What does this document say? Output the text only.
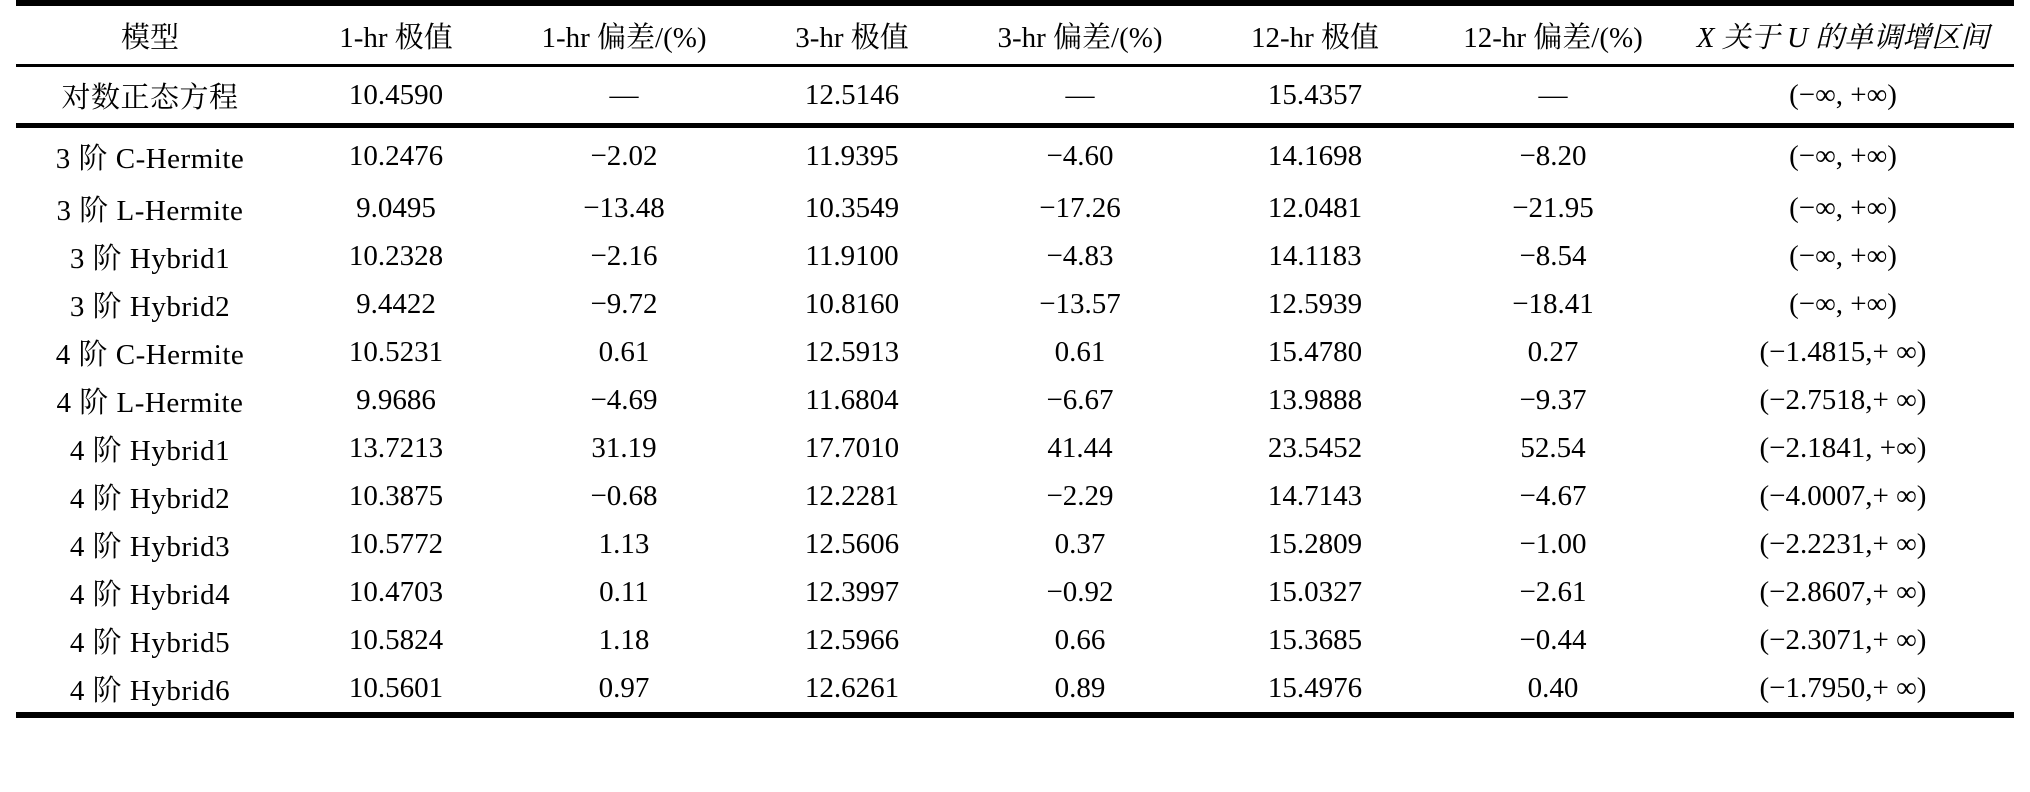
模型	1-hr 极值	1-hr 偏差/(%)	3-hr 极值	3-hr 偏差/(%)	12-hr 极值	12-hr 偏差/(%)	X 关于 U 的单调增区间
对数正态方程	10.4590	—	12.5146	—	15.4357	—	(−∞, +∞)
3 阶 C-Hermite	10.2476	−2.02	11.9395	−4.60	14.1698	−8.20	(−∞, +∞)
3 阶 L-Hermite	9.0495	−13.48	10.3549	−17.26	12.0481	−21.95	(−∞, +∞)
3 阶 Hybrid1	10.2328	−2.16	11.9100	−4.83	14.1183	−8.54	(−∞, +∞)
3 阶 Hybrid2	9.4422	−9.72	10.8160	−13.57	12.5939	−18.41	(−∞, +∞)
4 阶 C-Hermite	10.5231	0.61	12.5913	0.61	15.4780	0.27	(−1.4815,+ ∞)
4 阶 L-Hermite	9.9686	−4.69	11.6804	−6.67	13.9888	−9.37	(−2.7518,+ ∞)
4 阶 Hybrid1	13.7213	31.19	17.7010	41.44	23.5452	52.54	(−2.1841, +∞)
4 阶 Hybrid2	10.3875	−0.68	12.2281	−2.29	14.7143	−4.67	(−4.0007,+ ∞)
4 阶 Hybrid3	10.5772	1.13	12.5606	0.37	15.2809	−1.00	(−2.2231,+ ∞)
4 阶 Hybrid4	10.4703	0.11	12.3997	−0.92	15.0327	−2.61	(−2.8607,+ ∞)
4 阶 Hybrid5	10.5824	1.18	12.5966	0.66	15.3685	−0.44	(−2.3071,+ ∞)
4 阶 Hybrid6	10.5601	0.97	12.6261	0.89	15.4976	0.40	(−1.7950,+ ∞)
